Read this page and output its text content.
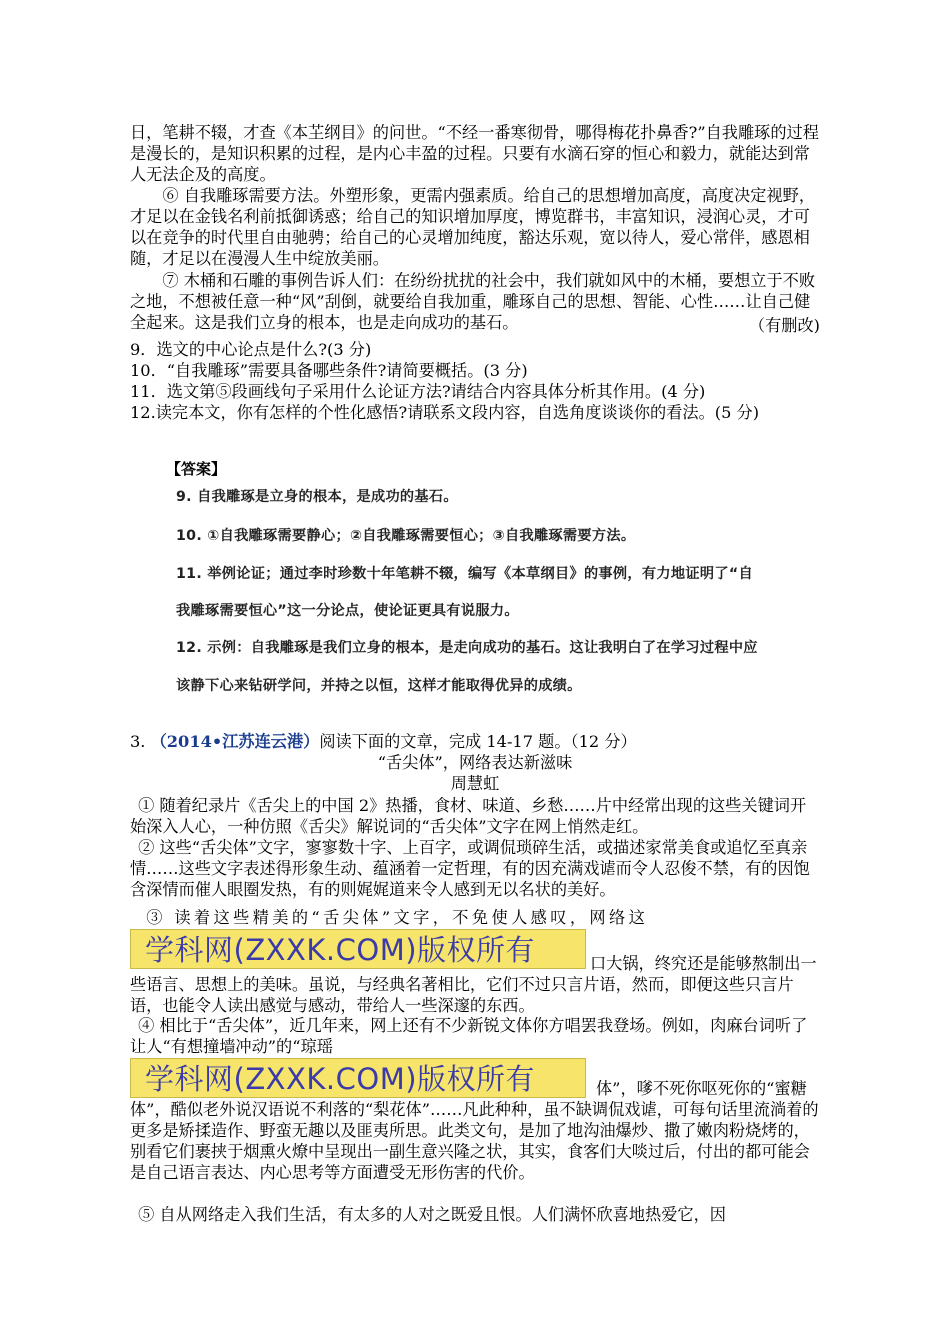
日，笔耕不辍，才查《本芏纲目》的问世。“不经一番寒彻骨，哪得梅花扑鼻香?”自我雕琢的过程是漫长的，是知识积累的过程，是内心丰盈的过程。只要有水滴石穿的恒心和毅力，就能达到常人无法企及的高度。

⑥ 自我雕琢需要方法。外塑形象，更需内强素质。给自己的思想增加高度，高度决定视野，才足以在金钱名利前抵御诱惑；给自己的知识增加厚度，博览群书，丰富知识，浸润心灵，才可以在竞争的时代里自由驰骋；给自己的心灵增加纯度，豁达乐观，宽以待人，爱心常伴，感恩相随，才足以在漫漫人生中绽放美丽。

⑦ 木桶和石雕的事例告诉人们：在纷纷扰扰的社会中，我们就如风中的木桶，要想立于不败之地，不想被任意一种“风”刮倒，就要给自我加重，雕琢自己的思想、智能、心性……让自己健全起来。这是我们立身的根本，也是走向成功的基石。	（有删改)

9．选文的中心论点是什么?(3 分)

10．“自我雕琢”需要具备哪些条件?请简要概括。(3 分)

11．选文第⑤段画线句子采用什么论证方法?请结合内容具体分析其作用。(4 分)

12.读完本文，你有怎样的个性化感悟?请联系文段内容，自选角度谈谈你的看法。(5 分)

【答案】
9. 自我雕琢是立身的根本，是成功的基石。
10. ①自我雕琢需要静心；②自我雕琢需要恒心；③自我雕琢需要方法。
11. 举例论证；通过李时珍数十年笔耕不辍，编写《本草纲目》的事例，有力地证明了“自
我雕琢需要恒心”这一分论点，使论证更具有说服力。
12. 示例：自我雕琢是我们立身的根本，是走向成功的基石。这让我明白了在学习过程中应
该静下心来钻研学问，并持之以恒，这样才能取得优异的成绩。

3. （2014•江苏连云港）阅读下面的文章，完成 14-17 题。（12 分）

“舌尖体”，网络表达新滋味

周慧虹

① 随着纪录片《舌尖上的中国 2》热播，食材、味道、乡愁……片中经常出现的这些关键词开始深入人心，一种仿照《舌尖》解说词的“舌尖体”文字在网上悄然走红。

② 这些“舌尖体”文字，寥寥数十字、上百字，或调侃琐碎生活，或描述家常美食或追忆至真亲情……这些文字表述得形象生动、蕴涵着一定哲理，有的因充满戏谑而令人忍俊不禁，有的因饱含深情而催人眼圈发热，有的则娓娓道来令人感到无以名状的美好。

③ 读着这些精美的“舌尖体”文字，不免使人感叹，网络这

学科网(ZXXK.COM)版权所有	口大锅，终究还是能够熬制出一些语言、思想上的美味。虽说，与经典名著相比，它们不过只言片语，然而，即便这些只言片语，也能令人读出感觉与感动，带给人一些深邃的东西。

④ 相比于“舌尖体”，近几年来，网上还有不少新锐文体你方唱罢我登场。例如，肉麻台词听了让人“有想撞墙冲动”的“琼瑶

学科网(ZXXK.COM)版权所有	体”，嗲不死你呕死你的“蜜糖体”，酷似老外说汉语说不利落的“梨花体”……凡此种种，虽不缺调侃戏谑，可每句话里流淌着的更多是矫揉造作、野蛮无趣以及匪夷所思。此类文句，是加了地沟油爆炒、撒了嫩肉粉烧烤的，别看它们裹挟于烟熏火燎中呈现出一副生意兴隆之状，其实，食客们大啖过后，付出的都可能会是自己语言表达、内心思考等方面遭受无形伤害的代价。

⑤ 自从网络走入我们生活，有太多的人对之既爱且恨。人们满怀欣喜地热爱它，因
